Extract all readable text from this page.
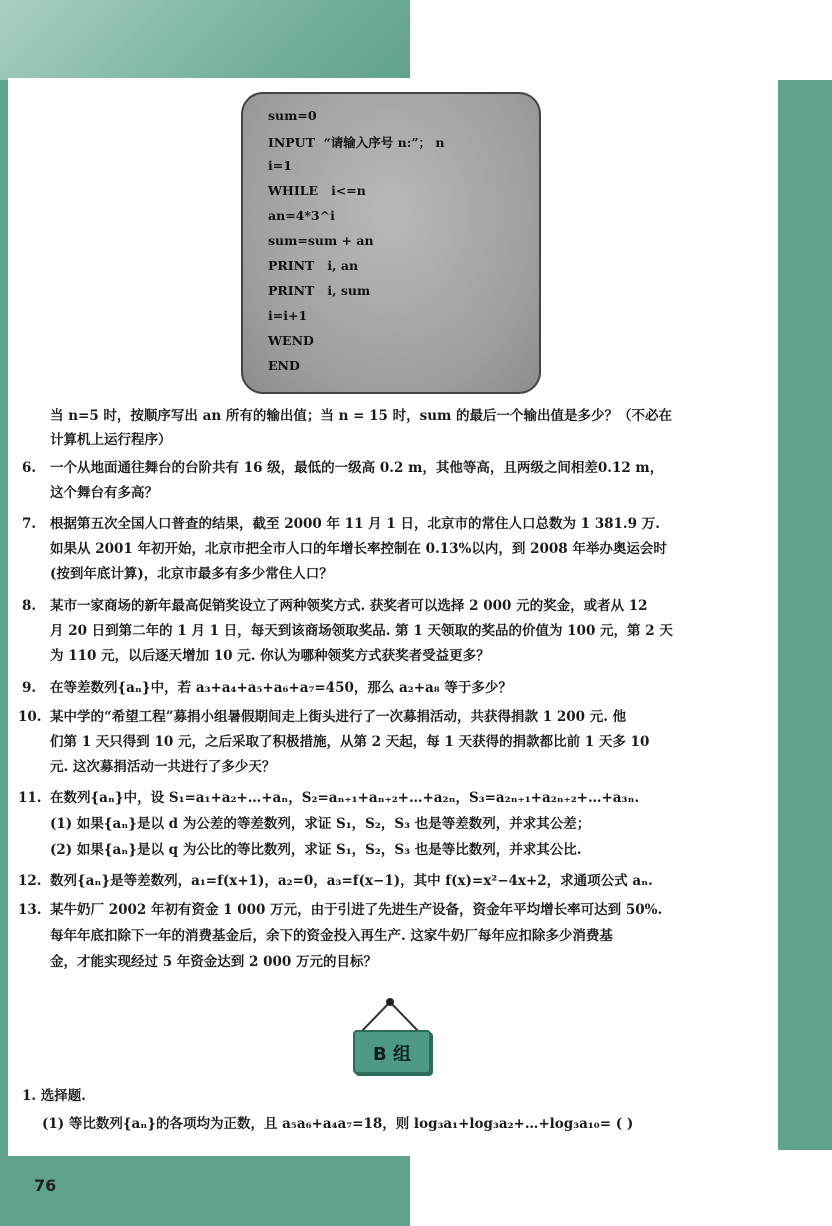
sum=0
INPUT  “请输入序号 n:”； n
i=1
WHILE   i<=n
an=4*3^i
sum=sum + an
PRINT   i, an
PRINT   i, sum
i=i+1
WEND
END
当 n=5 时，按顺序写出 an 所有的输出值；当 n = 15 时，sum 的最后一个输出值是多少？（不必在
计算机上运行程序）
6. 一个从地面通往舞台的台阶共有 16 级，最低的一级高 0.2 m，其他等高，且两级之间相差0.12 m，
这个舞台有多高？
7. 根据第五次全国人口普查的结果，截至 2000 年 11 月 1 日，北京市的常住人口总数为 1 381.9 万.
如果从 2001 年初开始，北京市把全市人口的年增长率控制在 0.13%以内，到 2008 年举办奥运会时
(按到年底计算)，北京市最多有多少常住人口？
8. 某市一家商场的新年最高促销奖设立了两种领奖方式. 获奖者可以选择 2 000 元的奖金，或者从 12
月 20 日到第二年的 1 月 1 日，每天到该商场领取奖品. 第 1 天领取的奖品的价值为 100 元，第 2 天
为 110 元，以后逐天增加 10 元. 你认为哪种领奖方式获奖者受益更多？
9. 在等差数列{aₙ}中，若 a₃+a₄+a₅+a₆+a₇=450，那么 a₂+a₈ 等于多少？
10. 某中学的“希望工程”募捐小组暑假期间走上街头进行了一次募捐活动，共获得捐款 1 200 元. 他
们第 1 天只得到 10 元，之后采取了积极措施，从第 2 天起，每 1 天获得的捐款都比前 1 天多 10
元. 这次募捐活动一共进行了多少天？
11. 在数列{aₙ}中，设 S₁=a₁+a₂+…+aₙ，S₂=aₙ₊₁+aₙ₊₂+…+a₂ₙ，S₃=a₂ₙ₊₁+a₂ₙ₊₂+…+a₃ₙ.
(1) 如果{aₙ}是以 d 为公差的等差数列，求证 S₁，S₂，S₃ 也是等差数列，并求其公差；
(2) 如果{aₙ}是以 q 为公比的等比数列，求证 S₁，S₂，S₃ 也是等比数列，并求其公比.
12. 数列{aₙ}是等差数列，a₁=f(x+1)，a₂=0，a₃=f(x−1)，其中 f(x)=x²−4x+2，求通项公式 aₙ.
13. 某牛奶厂 2002 年初有资金 1 000 万元，由于引进了先进生产设备，资金年平均增长率可达到 50%.
每年年底扣除下一年的消费基金后，余下的资金投入再生产. 这家牛奶厂每年应扣除多少消费基
金，才能实现经过 5 年资金达到 2 000 万元的目标？
B 组
1. 选择题.
(1) 等比数列{aₙ}的各项均为正数，且 a₅a₆+a₄a₇=18，则 log₃a₁+log₃a₂+…+log₃a₁₀= ( )
76
